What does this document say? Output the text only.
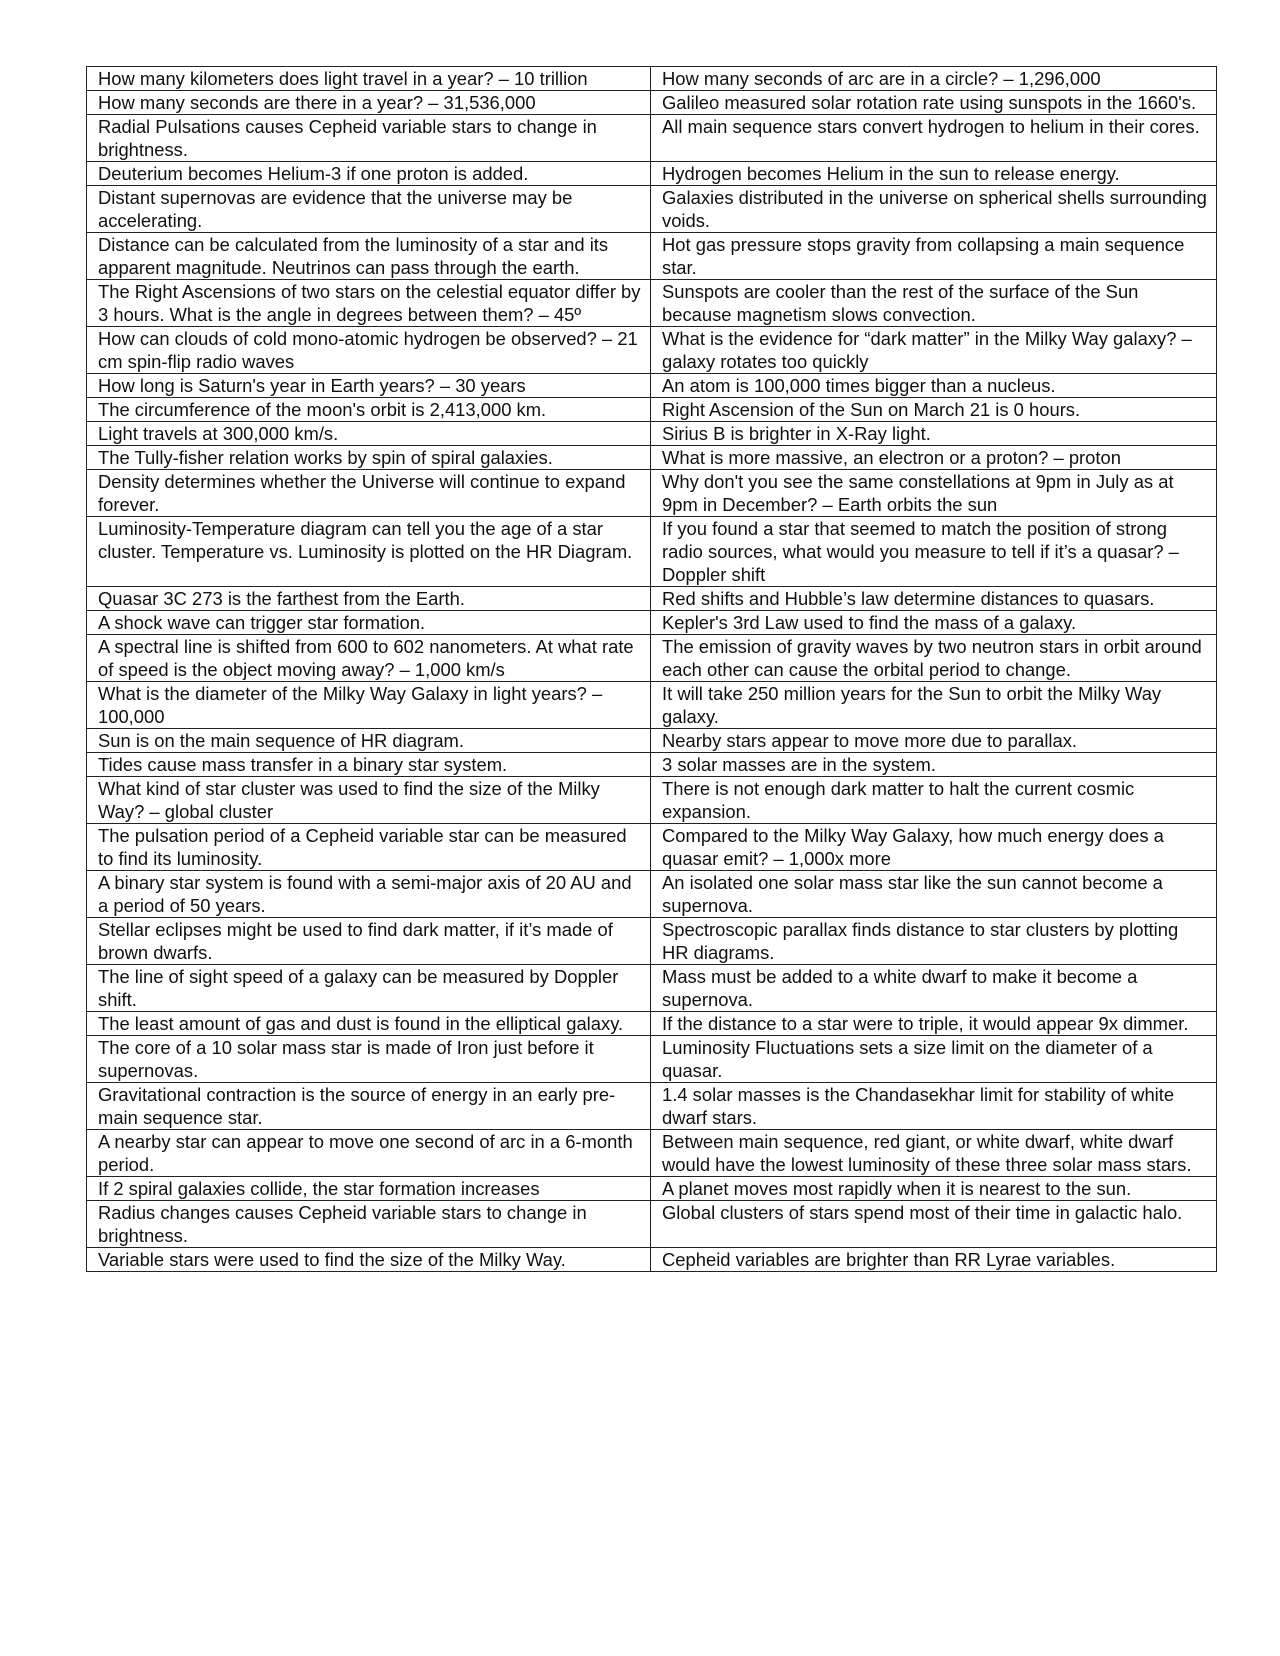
How many kilometers does light travel in a year? – 10 trillion	How many seconds of arc are in a circle? – 1,296,000
How many seconds are there in a year? – 31,536,000	Galileo measured solar rotation rate using sunspots in the 1660's.
Radial Pulsations causes Cepheid variable stars to change in brightness.	All main sequence stars convert hydrogen to helium in their cores.
Deuterium becomes Helium-3 if one proton is added.	Hydrogen becomes Helium in the sun to release energy.
Distant supernovas are evidence that the universe may be accelerating.	Galaxies distributed in the universe on spherical shells surrounding voids.
Distance can be calculated from the luminosity of a star and its apparent magnitude. Neutrinos can pass through the earth.	Hot gas pressure stops gravity from collapsing a main sequence star.
The Right Ascensions of two stars on the celestial equator differ by 3 hours. What is the angle in degrees between them? – 45º	Sunspots are cooler than the rest of the surface of the Sun because magnetism slows convection.
How can clouds of cold mono-atomic hydrogen be observed? – 21 cm spin-flip radio waves	What is the evidence for “dark matter” in the Milky Way galaxy? – galaxy rotates too quickly
How long is Saturn's year in Earth years? – 30 years	An atom is 100,000 times bigger than a nucleus.
The circumference of the moon's orbit is 2,413,000 km.	Right Ascension of the Sun on March 21 is 0 hours.
Light travels at 300,000 km/s.	Sirius B is brighter in X-Ray light.
The Tully-fisher relation works by spin of spiral galaxies.	What is more massive, an electron or a proton? – proton
Density determines whether the Universe will continue to expand forever.	Why don't you see the same constellations at 9pm in July as at 9pm in December? – Earth orbits the sun
Luminosity-Temperature diagram can tell you the age of a star cluster. Temperature vs. Luminosity is plotted on the HR Diagram.	If you found a star that seemed to match the position of strong radio sources, what would you measure to tell if it’s a quasar? – Doppler shift
Quasar 3C 273 is the farthest from the Earth.	Red shifts and Hubble’s law determine distances to quasars.
A shock wave can trigger star formation.	Kepler's 3rd Law used to find the mass of a galaxy.
A spectral line is shifted from 600 to 602 nanometers. At what rate of speed is the object moving away? – 1,000 km/s	The emission of gravity waves by two neutron stars in orbit around each other can cause the orbital period to change.
What is the diameter of the Milky Way Galaxy in light years? – 100,000	It will take 250 million years for the Sun to orbit the Milky Way galaxy.
Sun is on the main sequence of HR diagram.	Nearby stars appear to move more due to parallax.
Tides cause mass transfer in a binary star system.	3 solar masses are in the system.
What kind of star cluster was used to find the size of the Milky Way? – global cluster	There is not enough dark matter to halt the current cosmic expansion.
The pulsation period of a Cepheid variable star can be measured to find its luminosity.	Compared to the Milky Way Galaxy, how much energy does a quasar emit? – 1,000x more
A binary star system is found with a semi-major axis of 20 AU and a period of 50 years.	An isolated one solar mass star like the sun cannot become a supernova.
Stellar eclipses might be used to find dark matter, if it’s made of brown dwarfs.	Spectroscopic parallax finds distance to star clusters by plotting HR diagrams.
The line of sight speed of a galaxy can be measured by Doppler shift.	Mass must be added to a white dwarf to make it become a supernova.
The least amount of gas and dust is found in the elliptical galaxy.	If the distance to a star were to triple, it would appear 9x dimmer.
The core of a 10 solar mass star is made of Iron just before it supernovas.	Luminosity Fluctuations sets a size limit on the diameter of a quasar.
Gravitational contraction is the source of energy in an early pre-main sequence star.	1.4 solar masses is the Chandasekhar limit for stability of white dwarf stars.
A nearby star can appear to move one second of arc in a 6-month period.	Between main sequence, red giant, or white dwarf, white dwarf would have the lowest luminosity of these three solar mass stars.
If 2 spiral galaxies collide, the star formation increases	A planet moves most rapidly when it is nearest to the sun.
Radius changes causes Cepheid variable stars to change in brightness.	Global clusters of stars spend most of their time in galactic halo.
Variable stars were used to find the size of the Milky Way.	Cepheid variables are brighter than RR Lyrae variables.
